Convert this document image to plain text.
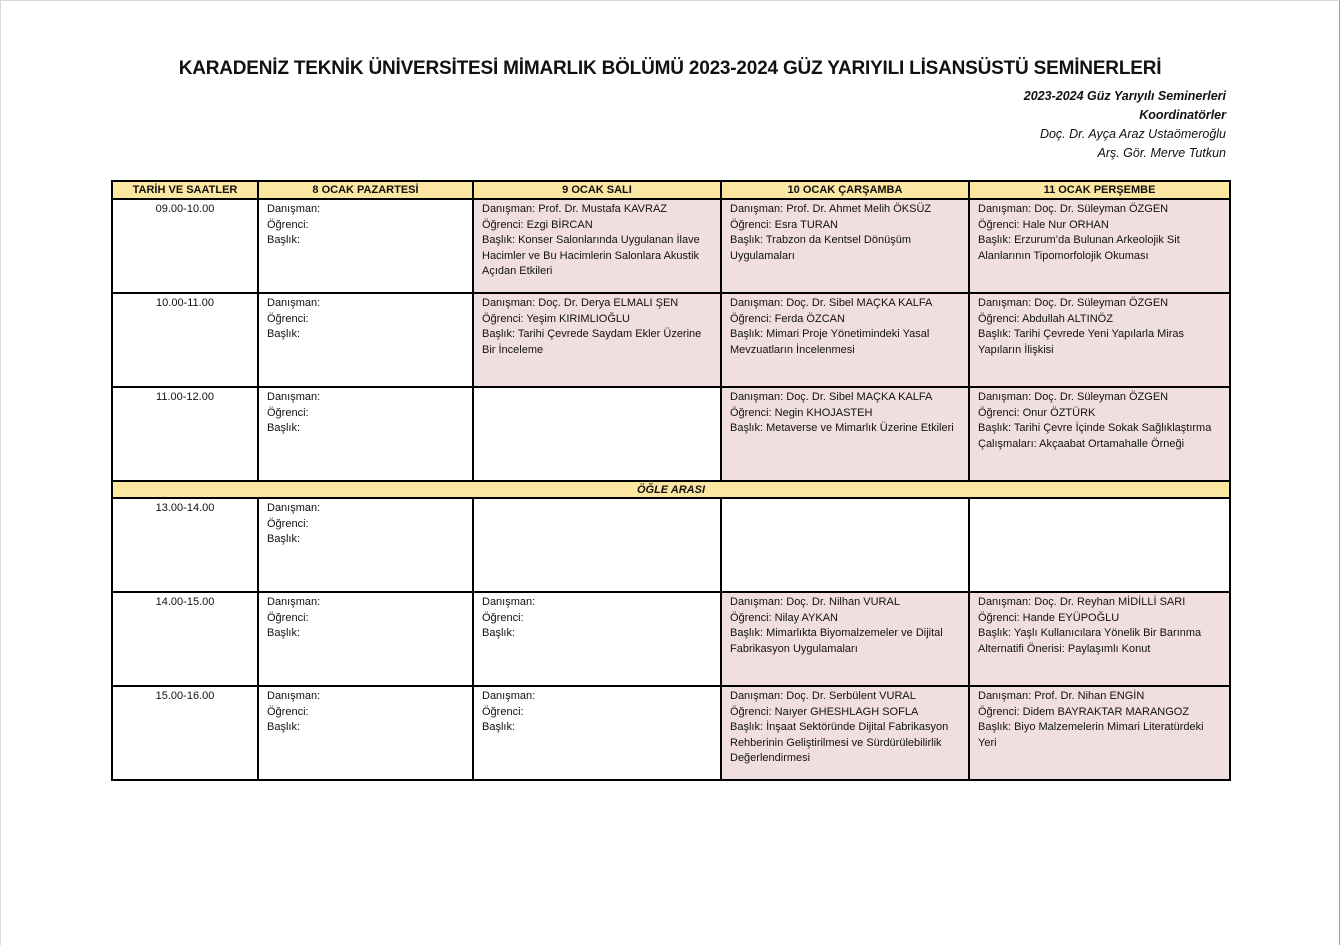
KARADENİZ TEKNİK ÜNİVERSİTESİ MİMARLIK BÖLÜMÜ 2023-2024 GÜZ YARIYILI LİSANSÜSTÜ SEMİNERLERİ
2023-2024 Güz Yarıyılı Seminerleri
Koordinatörler
Doç. Dr. Ayça Araz Ustaömeroğlu
Arş. Gör. Merve Tutkun
TARİH VE SAATLER	8 OCAK PAZARTESİ	9 OCAK SALI	10 OCAK ÇARŞAMBA	11 OCAK PERŞEMBE
09.00-10.00	Danışman:
Öğrenci:
Başlık:	Danışman: Prof. Dr. Mustafa KAVRAZ
Öğrenci: Ezgi BİRCAN
Başlık: Konser Salonlarında Uygulanan İlave Hacimler ve Bu Hacimlerin Salonlara Akustik Açıdan Etkileri	Danışman: Prof. Dr. Ahmet Melih ÖKSÜZ
Öğrenci: Esra TURAN
Başlık: Trabzon da Kentsel Dönüşüm Uygulamaları	Danışman: Doç. Dr. Süleyman ÖZGEN
Öğrenci: Hale Nur ORHAN
Başlık: Erzurum’da Bulunan Arkeolojik Sit Alanlarının Tipomorfolojik Okuması

10.00-11.00	Danışman:
Öğrenci:
Başlık:	Danışman: Doç. Dr. Derya ELMALI ŞEN
Öğrenci: Yeşim KIRIMLIOĞLU
Başlık: Tarihi Çevrede Saydam Ekler Üzerine Bir İnceleme	Danışman: Doç. Dr. Sibel MAÇKA KALFA
Öğrenci: Ferda ÖZCAN
Başlık: Mimari Proje Yönetimindeki Yasal Mevzuatların İncelenmesi	Danışman: Doç. Dr. Süleyman ÖZGEN
Öğrenci: Abdullah ALTINÖZ
Başlık: Tarihi Çevrede Yeni Yapılarla Miras Yapıların İlişkisi

11.00-12.00	Danışman:
Öğrenci:
Başlık:		Danışman: Doç. Dr. Sibel MAÇKA KALFA
Öğrenci: Negin KHOJASTEH
Başlık: Metaverse ve Mimarlık Üzerine Etkileri	Danışman: Doç. Dr. Süleyman ÖZGEN
Öğrenci: Onur ÖZTÜRK
Başlık: Tarihi Çevre İçinde Sokak Sağlıklaştırma Çalışmaları: Akçaabat Ortamahalle Örneği

ÖĞLE ARASI				
13.00-14.00	Danışman:
Öğrenci:
Başlık:			

14.00-15.00	Danışman:
Öğrenci:
Başlık:	Danışman:
Öğrenci:
Başlık:	Danışman: Doç. Dr. Nilhan VURAL
Öğrenci: Nilay AYKAN
Başlık: Mimarlıkta Biyomalzemeler ve Dijital Fabrikasyon Uygulamaları	Danışman: Doç. Dr. Reyhan MİDİLLİ SARI
Öğrenci: Hande EYÜPOĞLU
Başlık: Yaşlı Kullanıcılara Yönelik Bir Barınma Alternatifi Önerisi: Paylaşımlı Konut

15.00-16.00	Danışman:
Öğrenci:
Başlık:	Danışman:
Öğrenci:
Başlık:	Danışman: Doç. Dr. Serbülent VURAL
Öğrenci: Naıyer GHESHLAGH SOFLA
Başlık: İnşaat Sektöründe Dijital Fabrikasyon Rehberinin Geliştirilmesi ve Sürdürülebilirlik Değerlendirmesi	Danışman: Prof. Dr. Nihan ENGİN
Öğrenci: Didem BAYRAKTAR MARANGOZ
Başlık: Biyo Malzemelerin Mimari Literatürdeki Yeri
